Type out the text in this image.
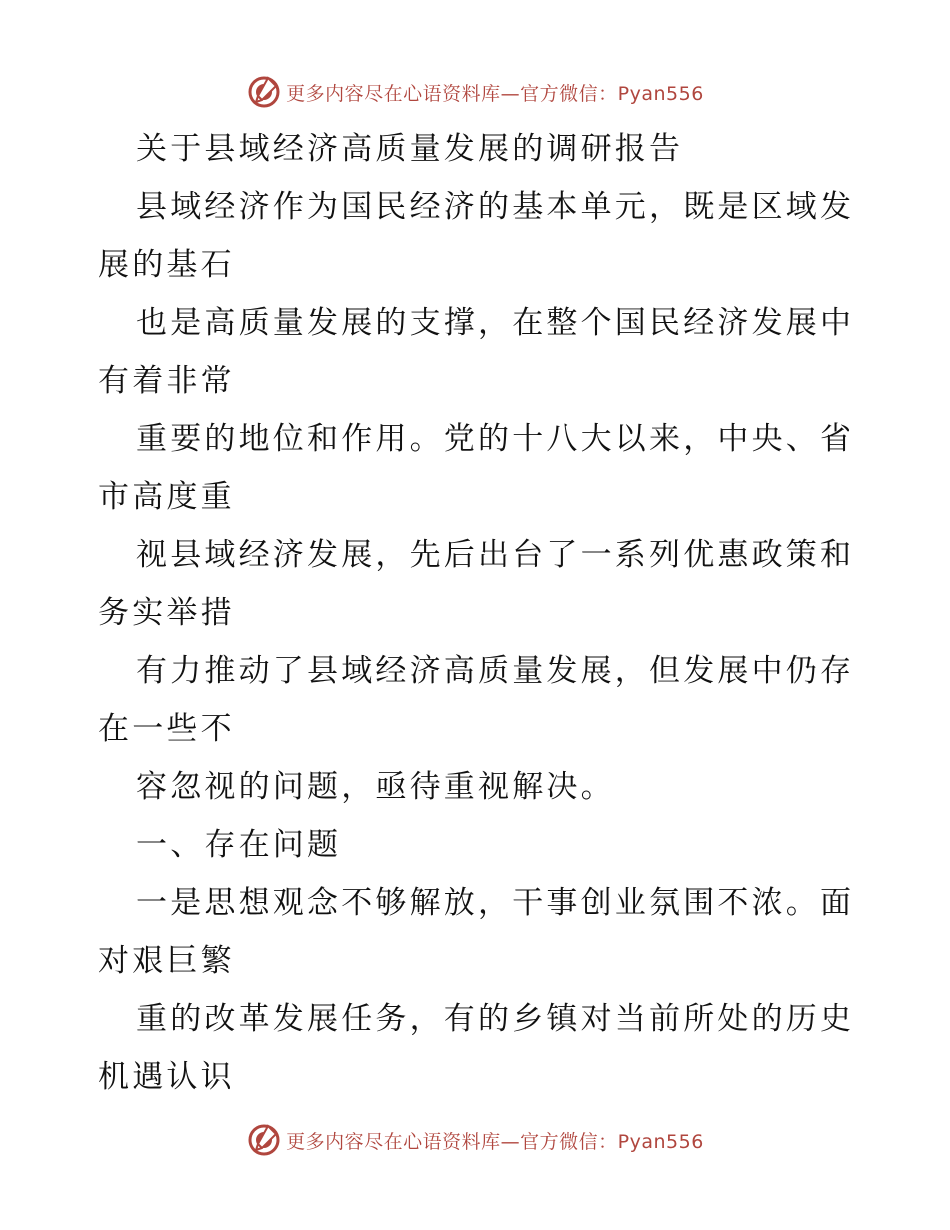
更多内容尽在心语资料库—官方微信：Pyan556
关于县域经济高质量发展的调研报告
县域经济作为国民经济的基本单元，既是区域发
展的基石
也是高质量发展的支撑，在整个国民经济发展中
有着非常
重要的地位和作用。党的十八大以来，中央、省
市高度重
视县域经济发展，先后出台了一系列优惠政策和
务实举措
有力推动了县域经济高质量发展，但发展中仍存
在一些不
容忽视的问题，亟待重视解决。
一、存在问题
一是思想观念不够解放，干事创业氛围不浓。面
对艰巨繁
重的改革发展任务，有的乡镇对当前所处的历史
机遇认识
更多内容尽在心语资料库—官方微信：Pyan556
